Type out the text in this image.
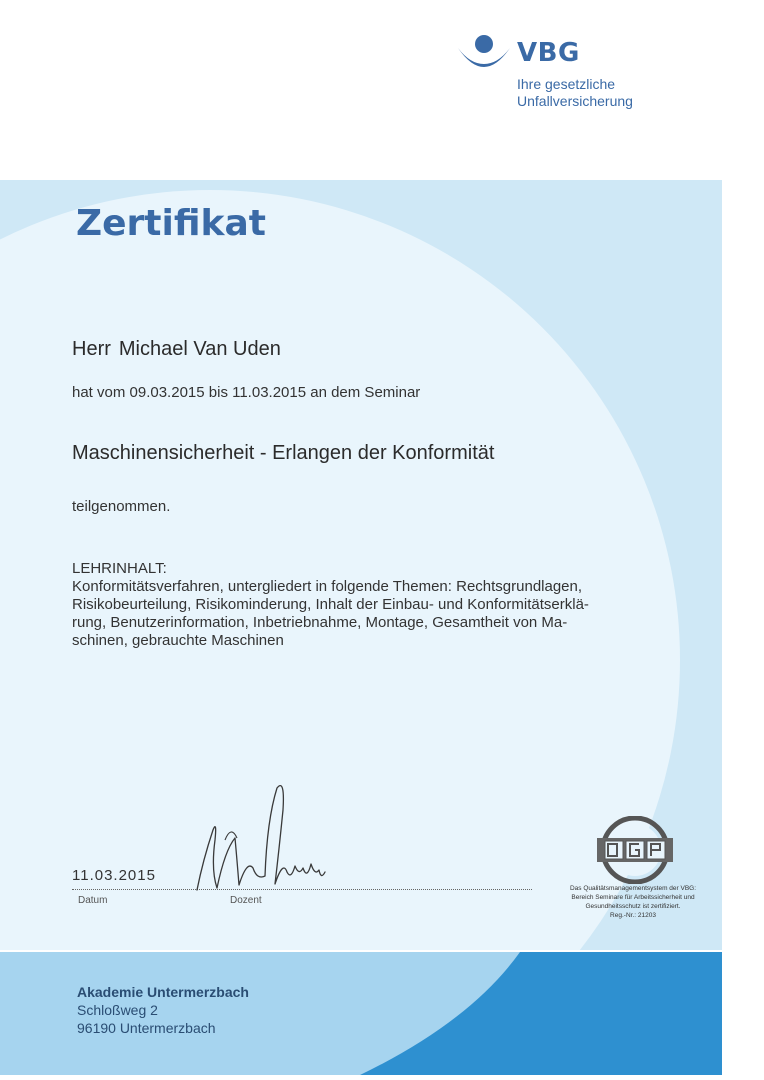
VBG
Ihre gesetzliche
Unfallversicherung
Akademie Untermerzbach
Schloßweg 2
96190 Untermerzbach
Zertifikat
Herr Michael Van Uden
hat vom 09.03.2015 bis 11.03.2015 an dem Seminar
Maschinensicherheit - Erlangen der Konformität
teilgenommen.
LEHRINHALT:
Konformitätsverfahren, untergliedert in folgende Themen: Rechtsgrundlagen,
Risikobeurteilung, Risikominderung, Inhalt der Einbau- und Konformitätserklä-
rung, Benutzerinformation, Inbetriebnahme, Montage, Gesamtheit von Ma-
schinen, gebrauchte Maschinen
11.03.2015
Datum	Dozent
Das Qualitätsmanagementsystem der VBG:
Bereich Seminare für Arbeitssicherheit und
Gesundheitsschutz ist zertifiziert.
Reg.-Nr.: 21203
